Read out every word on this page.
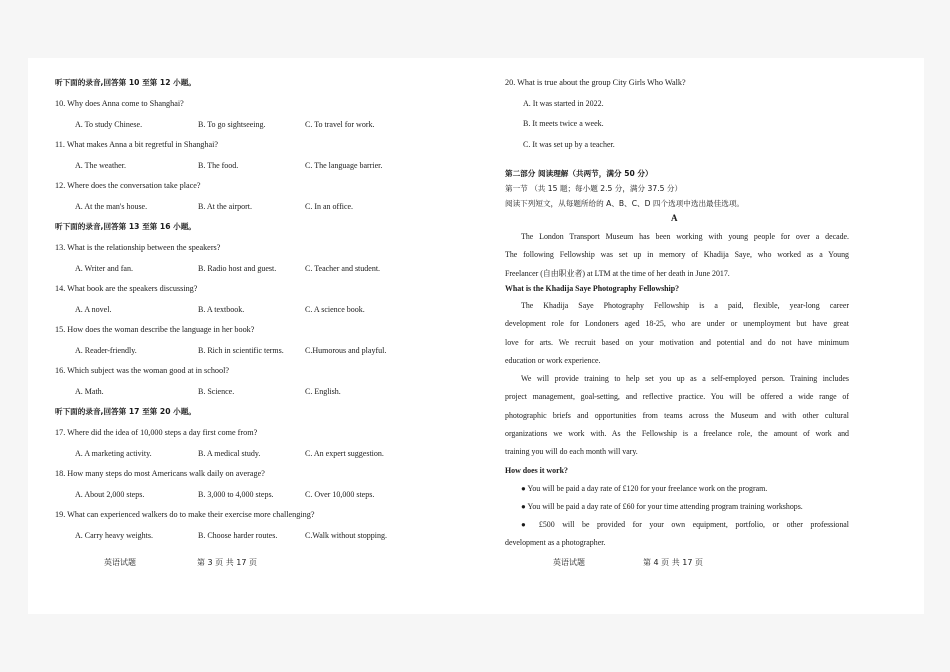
听下面的录音,回答第 10 至第 12 小题。
10. Why does Anna come to Shanghai?
A. To study Chinese.	B. To go sightseeing.	C. To travel for work.
11. What makes Anna a bit regretful in Shanghai?
A. The weather.	B. The food.	C. The language barrier.
12. Where does the conversation take place?
A. At the man's house.	B. At the airport.	C. In an office.
听下面的录音,回答第 13 至第 16 小题。
13. What is the relationship between the speakers?
A. Writer and fan.	B. Radio host and guest.	C. Teacher and student.
14. What book are the speakers discussing?
A. A novel.	B. A textbook.	C. A science book.
15. How does the woman describe the language in her book?
A. Reader-friendly.	B. Rich in scientific terms.	C.Humorous and playful.
16. Which subject was the woman good at in school?
A. Math.	B. Science.	C. English.
听下面的录音,回答第 17 至第 20 小题。
17. Where did the idea of 10,000 steps a day first come from?
A. A marketing activity.	B. A medical study.	C. An expert suggestion.
18. How many steps do most Americans walk daily on average?
A. About 2,000 steps.	B. 3,000 to 4,000 steps.	C. Over 10,000 steps.
19. What can experienced walkers do to make their exercise more challenging?
A. Carry heavy weights.	B. Choose harder routes.	C.Walk without stopping.
英语试题	第 3 页 共 17 页
20. What is true about the group City Girls Who Walk?
A. It was started in 2022.
B. It meets twice a week.
C. It was set up by a teacher.
第二部分 阅读理解（共两节，满分 50 分）
第一节 （共 15 题；每小题 2.5 分，满分 37.5 分）
阅读下列短文，从每题所给的 A、B、C、D 四个选项中选出最佳选项。
A
The London Transport Museum has been working with young people for over a decade.
The following Fellowship was set up in memory of Khadija Saye, who worked as a Young
Freelancer (自由职业者) at LTM at the time of her death in June 2017.
What is the Khadija Saye Photography Fellowship?
The Khadija Saye Photography Fellowship is a paid, flexible, year-long career
development role for Londoners aged 18-25, who are under or unemployment but have great
love for arts. We recruit based on your motivation and potential and do not have minimum
education or work experience.
We will provide training to help set you up as a self-employed person. Training includes
project management, goal-setting, and reflective practice. You will be offered a wide range of
photographic briefs and opportunities from teams across the Museum and with other cultural
organizations we work with. As the Fellowship is a freelance role, the amount of work and
training you will do each month will vary.
How does it work?
● You will be paid a day rate of £120 for your freelance work on the program.
● You will be paid a day rate of £60 for your time attending program training workshops.
● £500 will be provided for your own equipment, portfolio, or other professional
development as a photographer.
英语试题	第 4 页 共 17 页
